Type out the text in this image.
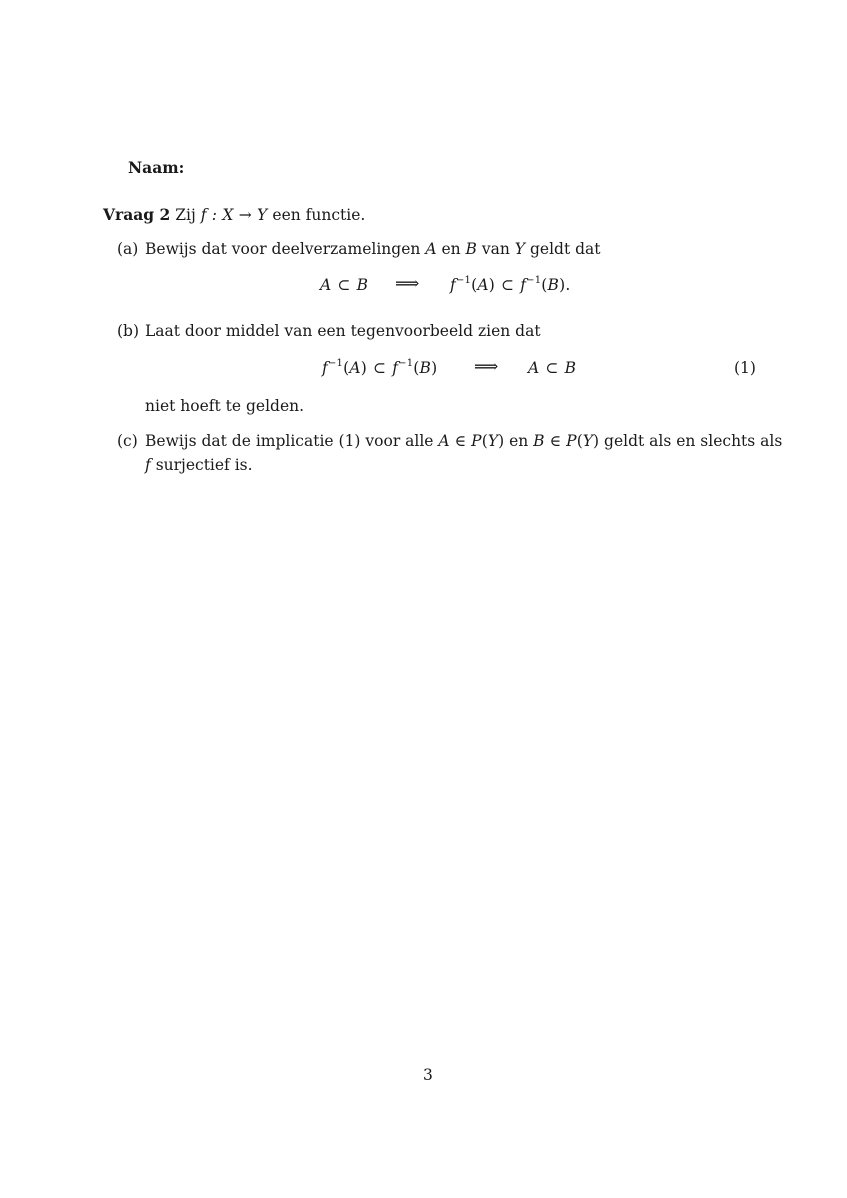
Naam:
Vraag 2 Zij f : X → Y een functie.
(a) Bewijs dat voor deelverzamelingen A en B van Y geldt dat
A ⊂ B ⟹ $f^{-1}(A)$ ⊂ $f^{-1}(B)$.
(b) Laat door middel van een tegenvoorbeeld zien dat
$f^{-1}(A)$ ⊂ $f^{-1}(B)$ ⟹ A ⊂ B	(1)
niet hoeft te gelden.
(c) Bewijs dat de implicatie (1) voor alle A ∈ P(Y) en B ∈ P(Y) geldt als en slechts als
f surjectief is.
3
